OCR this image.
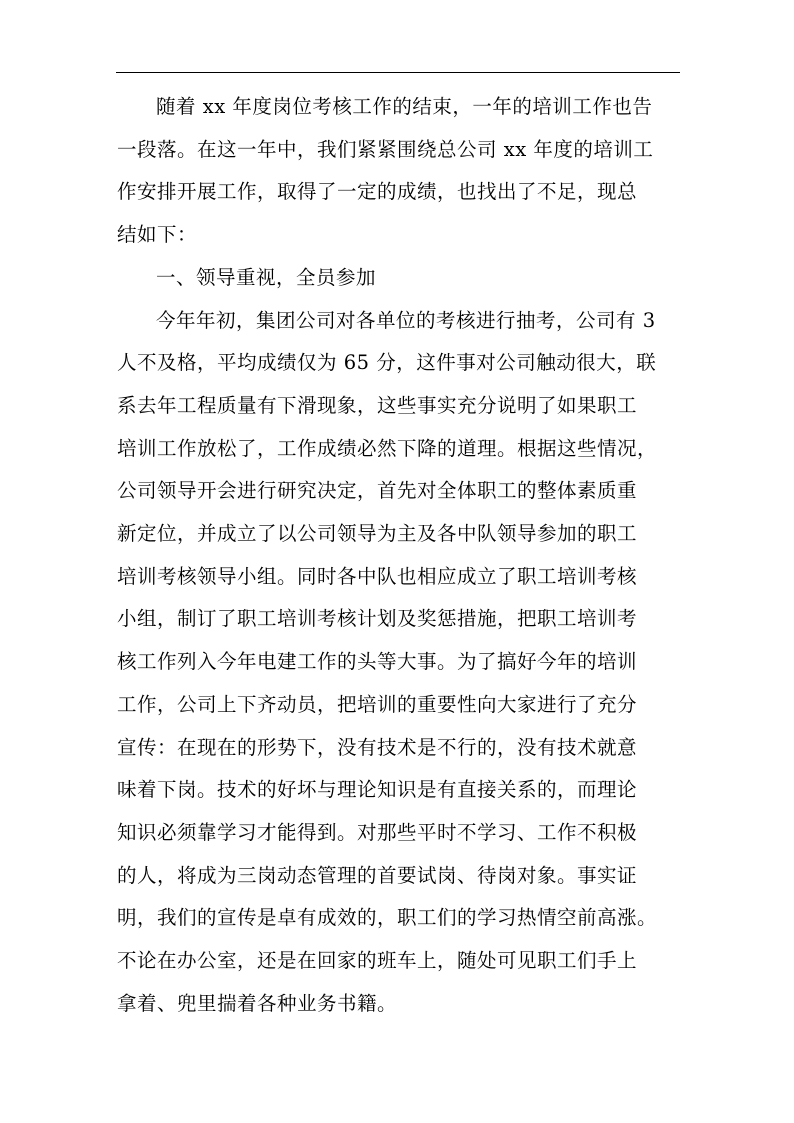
随着 xx 年度岗位考核工作的结束，一年的培训工作也告
一段落。在这一年中，我们紧紧围绕总公司 xx 年度的培训工
作安排开展工作，取得了一定的成绩，也找出了不足，现总
结如下：
一、领导重视，全员参加
今年年初，集团公司对各单位的考核进行抽考，公司有 3
人不及格，平均成绩仅为 65 分，这件事对公司触动很大，联
系去年工程质量有下滑现象，这些事实充分说明了如果职工
培训工作放松了，工作成绩必然下降的道理。根据这些情况，
公司领导开会进行研究决定，首先对全体职工的整体素质重
新定位，并成立了以公司领导为主及各中队领导参加的职工
培训考核领导小组。同时各中队也相应成立了职工培训考核
小组，制订了职工培训考核计划及奖惩措施，把职工培训考
核工作列入今年电建工作的头等大事。为了搞好今年的培训
工作，公司上下齐动员，把培训的重要性向大家进行了充分
宣传：在现在的形势下，没有技术是不行的，没有技术就意
味着下岗。技术的好坏与理论知识是有直接关系的，而理论
知识必须靠学习才能得到。对那些平时不学习、工作不积极
的人，将成为三岗动态管理的首要试岗、待岗对象。事实证
明，我们的宣传是卓有成效的，职工们的学习热情空前高涨。
不论在办公室，还是在回家的班车上，随处可见职工们手上
拿着、兜里揣着各种业务书籍。
